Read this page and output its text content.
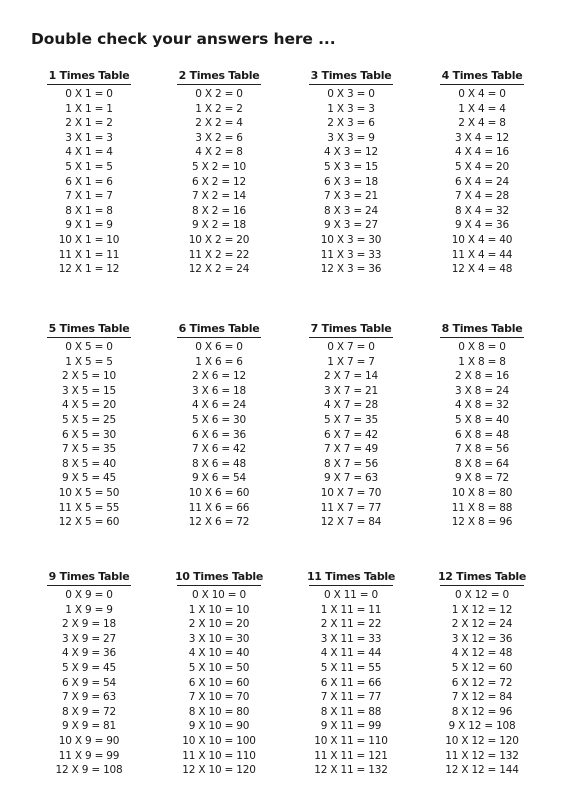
Double check your answers here ...
1 Times Table
0 X 1 = 0
1 X 1 = 1
2 X 1 = 2
3 X 1 = 3
4 X 1 = 4
5 X 1 = 5
6 X 1 = 6
7 X 1 = 7
8 X 1 = 8
9 X 1 = 9
10 X 1 = 10
11 X 1 = 11
12 X 1 = 12
2 Times Table
0 X 2 = 0
1 X 2 = 2
2 X 2 = 4
3 X 2 = 6
4 X 2 = 8
5 X 2 = 10
6 X 2 = 12
7 X 2 = 14
8 X 2 = 16
9 X 2 = 18
10 X 2 = 20
11 X 2 = 22
12 X 2 = 24
3 Times Table
0 X 3 = 0
1 X 3 = 3
2 X 3 = 6
3 X 3 = 9
4 X 3 = 12
5 X 3 = 15
6 X 3 = 18
7 X 3 = 21
8 X 3 = 24
9 X 3 = 27
10 X 3 = 30
11 X 3 = 33
12 X 3 = 36
4 Times Table
0 X 4 = 0
1 X 4 = 4
2 X 4 = 8
3 X 4 = 12
4 X 4 = 16
5 X 4 = 20
6 X 4 = 24
7 X 4 = 28
8 X 4 = 32
9 X 4 = 36
10 X 4 = 40
11 X 4 = 44
12 X 4 = 48
5 Times Table
0 X 5 = 0
1 X 5 = 5
2 X 5 = 10
3 X 5 = 15
4 X 5 = 20
5 X 5 = 25
6 X 5 = 30
7 X 5 = 35
8 X 5 = 40
9 X 5 = 45
10 X 5 = 50
11 X 5 = 55
12 X 5 = 60
6 Times Table
0 X 6 = 0
1 X 6 = 6
2 X 6 = 12
3 X 6 = 18
4 X 6 = 24
5 X 6 = 30
6 X 6 = 36
7 X 6 = 42
8 X 6 = 48
9 X 6 = 54
10 X 6 = 60
11 X 6 = 66
12 X 6 = 72
7 Times Table
0 X 7 = 0
1 X 7 = 7
2 X 7 = 14
3 X 7 = 21
4 X 7 = 28
5 X 7 = 35
6 X 7 = 42
7 X 7 = 49
8 X 7 = 56
9 X 7 = 63
10 X 7 = 70
11 X 7 = 77
12 X 7 = 84
8 Times Table
0 X 8 = 0
1 X 8 = 8
2 X 8 = 16
3 X 8 = 24
4 X 8 = 32
5 X 8 = 40
6 X 8 = 48
7 X 8 = 56
8 X 8 = 64
9 X 8 = 72
10 X 8 = 80
11 X 8 = 88
12 X 8 = 96
9 Times Table
0 X 9 = 0
1 X 9 = 9
2 X 9 = 18
3 X 9 = 27
4 X 9 = 36
5 X 9 = 45
6 X 9 = 54
7 X 9 = 63
8 X 9 = 72
9 X 9 = 81
10 X 9 = 90
11 X 9 = 99
12 X 9 = 108
10 Times Table
0 X 10 = 0
1 X 10 = 10
2 X 10 = 20
3 X 10 = 30
4 X 10 = 40
5 X 10 = 50
6 X 10 = 60
7 X 10 = 70
8 X 10 = 80
9 X 10 = 90
10 X 10 = 100
11 X 10 = 110
12 X 10 = 120
11 Times Table
0 X 11 = 0
1 X 11 = 11
2 X 11 = 22
3 X 11 = 33
4 X 11 = 44
5 X 11 = 55
6 X 11 = 66
7 X 11 = 77
8 X 11 = 88
9 X 11 = 99
10 X 11 = 110
11 X 11 = 121
12 X 11 = 132
12 Times Table
0 X 12 = 0
1 X 12 = 12
2 X 12 = 24
3 X 12 = 36
4 X 12 = 48
5 X 12 = 60
6 X 12 = 72
7 X 12 = 84
8 X 12 = 96
9 X 12 = 108
10 X 12 = 120
11 X 12 = 132
12 X 12 = 144
